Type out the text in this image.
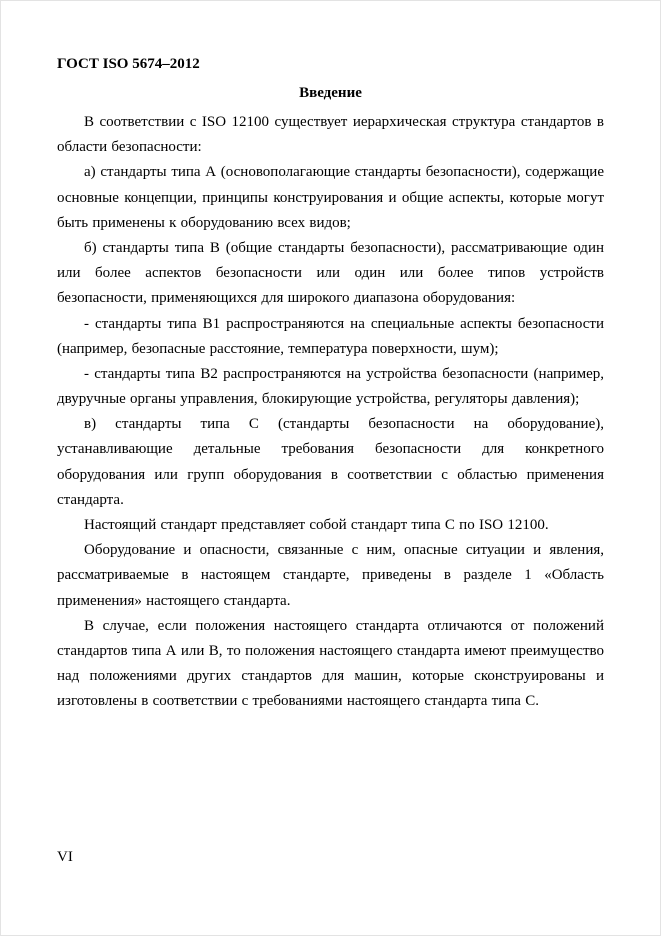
ГОСТ ISO 5674–2012
Введение

В соответствии с ISO 12100 существует иерархическая структура стандартов в области безопасности:

а) стандарты типа А (основополагающие стандарты безопасности), содержащие основные концепции, принципы конструирования и общие аспекты, которые могут быть применены к оборудованию всех видов;

б) стандарты типа В (общие стандарты безопасности), рассматривающие один или более аспектов безопасности или один или более типов устройств безопасности, применяющихся для широкого диапазона оборудования:

- стандарты типа В1 распространяются на специальные аспекты безопасности (например, безопасные расстояние, температура поверхности, шум);

- стандарты типа В2 распространяются на устройства безопасности (например, двуручные органы управления, блокирующие устройства, регуляторы давления);

в) стандарты типа С (стандарты безопасности на оборудование), устанавливающие детальные требования безопасности для конкретного оборудования или групп оборудования в соответствии с областью применения стандарта.

Настоящий стандарт представляет собой стандарт типа С по ISO 12100.

Оборудование и опасности, связанные с ним, опасные ситуации и явления, рассматриваемые в настоящем стандарте, приведены в разделе 1 «Область применения» настоящего стандарта.

В случае, если положения настоящего стандарта отличаются от положений стандартов типа А или В, то положения настоящего стандарта имеют преимущество над положениями других стандартов для машин, которые сконструированы и изготовлены в соответствии с требованиями настоящего стандарта типа С.

VI
